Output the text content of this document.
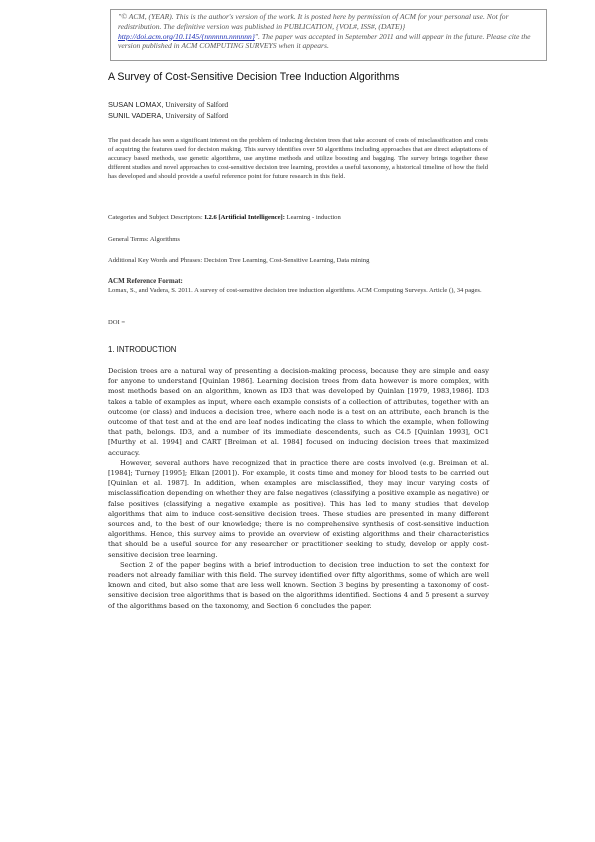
"© ACM, (YEAR). This is the author's version of the work. It is posted here by permission of ACM for your personal use. Not for redistribution. The definitive version was published in PUBLICATION, {VOL#, ISS#, (DATE)} http://doi.acm.org/10.1145/{nnnnnn.nnnnnn}". The paper was accepted in September 2011 and will appear in the future. Please cite the version published in ACM COMPUTING SURVEYS when it appears.
A Survey of Cost-Sensitive Decision Tree Induction Algorithms
SUSAN LOMAX, University of Salford
SUNIL VADERA, University of Salford
The past decade has seen a significant interest on the problem of inducing decision trees that take account of costs of misclassification and costs of acquiring the features used for decision making. This survey identifies over 50 algorithms including approaches that are direct adaptations of accuracy based methods, use genetic algorithms, use anytime methods and utilize boosting and bagging. The survey brings together these different studies and novel approaches to cost-sensitive decision tree learning, provides a useful taxonomy, a historical timeline of how the field has developed and should provide a useful reference point for future research in this field.
Categories and Subject Descriptors: I.2.6 [Artificial Intelligence]: Learning - induction
General Terms: Algorithms
Additional Key Words and Phrases: Decision Tree Learning, Cost-Sensitive Learning, Data mining
ACM Reference Format:
Lomax, S., and Vadera, S. 2011. A survey of cost-sensitive decision tree induction algorithms. ACM Computing Surveys. Article (), 34 pages.
DOI =
1. INTRODUCTION

Decision trees are a natural way of presenting a decision-making process, because they are simple and easy for anyone to understand [Quinlan 1986]. Learning decision trees from data however is more complex, with most methods based on an algorithm, known as ID3 that was developed by Quinlan [1979, 1983,1986]. ID3 takes a table of examples as input, where each example consists of a collection of attributes, together with an outcome (or class) and induces a decision tree, where each node is a test on an attribute, each branch is the outcome of that test and at the end are leaf nodes indicating the class to which the example, when following that path, belongs. ID3, and a number of its immediate descendents, such as C4.5 [Quinlan 1993], OC1 [Murthy et al. 1994] and CART [Breiman et al. 1984] focused on inducing decision trees that maximized accuracy.

However, several authors have recognized that in practice there are costs involved (e.g. Breiman et al. [1984]; Turney [1995]; Elkan [2001]). For example, it costs time and money for blood tests to be carried out [Quinlan et al. 1987]. In addition, when examples are misclassified, they may incur varying costs of misclassification depending on whether they are false negatives (classifying a positive example as negative) or false positives (classifying a negative example as positive). This has led to many studies that develop algorithms that aim to induce cost-sensitive decision trees. These studies are presented in many different sources and, to the best of our knowledge; there is no comprehensive synthesis of cost-sensitive induction algorithms. Hence, this survey aims to provide an overview of existing algorithms and their characteristics that should be a useful source for any researcher or practitioner seeking to study, develop or apply cost-sensitive decision tree learning.

Section 2 of the paper begins with a brief introduction to decision tree induction to set the context for readers not already familiar with this field. The survey identified over fifty algorithms, some of which are well known and cited, but also some that are less well known. Section 3 begins by presenting a taxonomy of cost-sensitive decision tree algorithms that is based on the algorithms identified. Sections 4 and 5 present a survey of the algorithms based on the taxonomy, and Section 6 concludes the paper.
